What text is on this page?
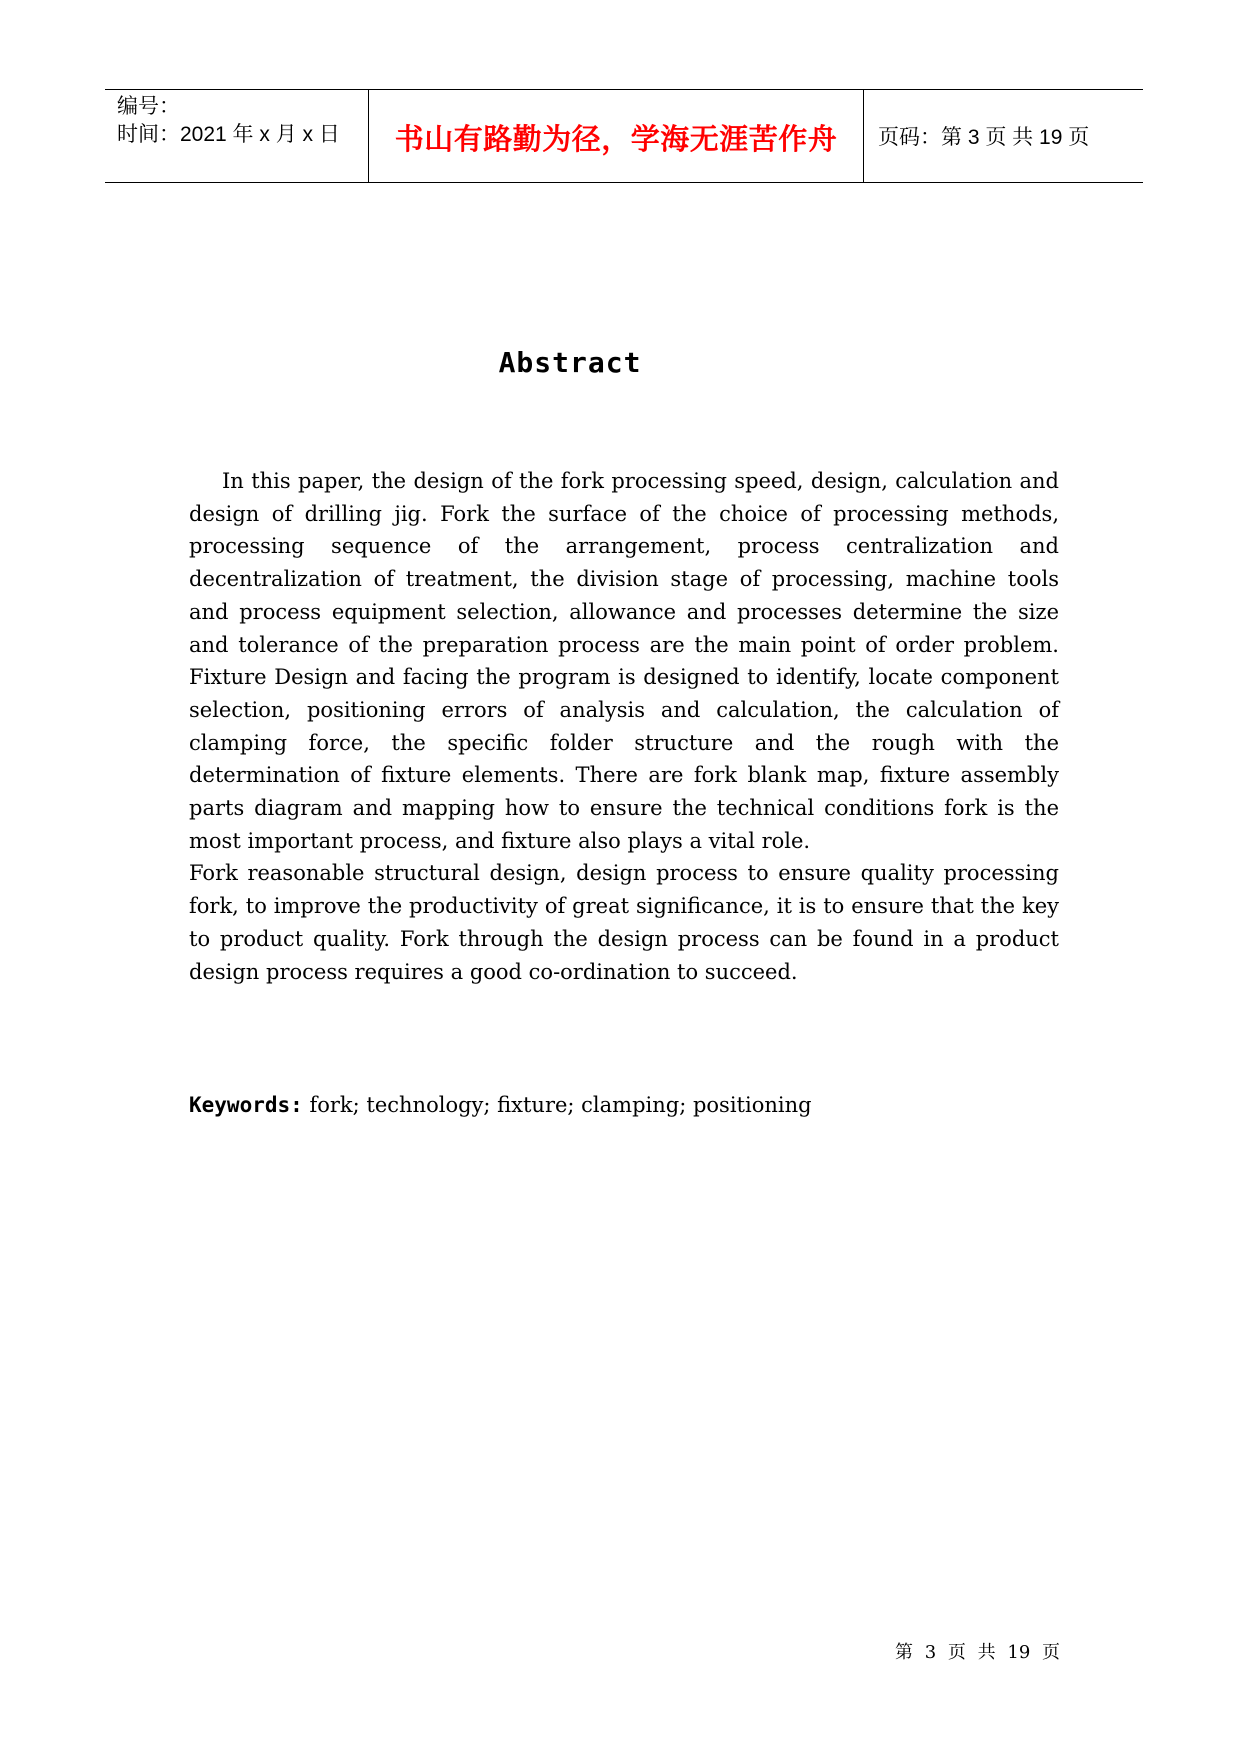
编号：
时间：2021 年 x 月 x 日	书山有路勤为径，学海无涯苦作舟 页码：第 3 页 共 19 页
Abstract

In this paper, the design of the fork processing speed, design, calculation and design of drilling jig. Fork the surface of the choice of processing methods, processing sequence of the arrangement, process centralization and decentralization of treatment, the division stage of processing, machine tools and process equipment selection, allowance and processes determine the size and tolerance of the preparation process are the main point of order problem. Fixture Design and facing the program is designed to identify, locate component selection, positioning errors of analysis and calculation, the calculation of clamping force, the specific folder structure and the rough with the determination of fixture elements. There are fork blank map, fixture assembly parts diagram and mapping how to ensure the technical conditions fork is the most important process, and fixture also plays a vital role.

Fork reasonable structural design, design process to ensure quality processing fork, to improve the productivity of great significance, it is to ensure that the key to product quality. Fork through the design process can be found in a product design process requires a good co-ordination to succeed.

Keywords: fork; technology; fixture; clamping; positioning
第 3 页 共 19 页
